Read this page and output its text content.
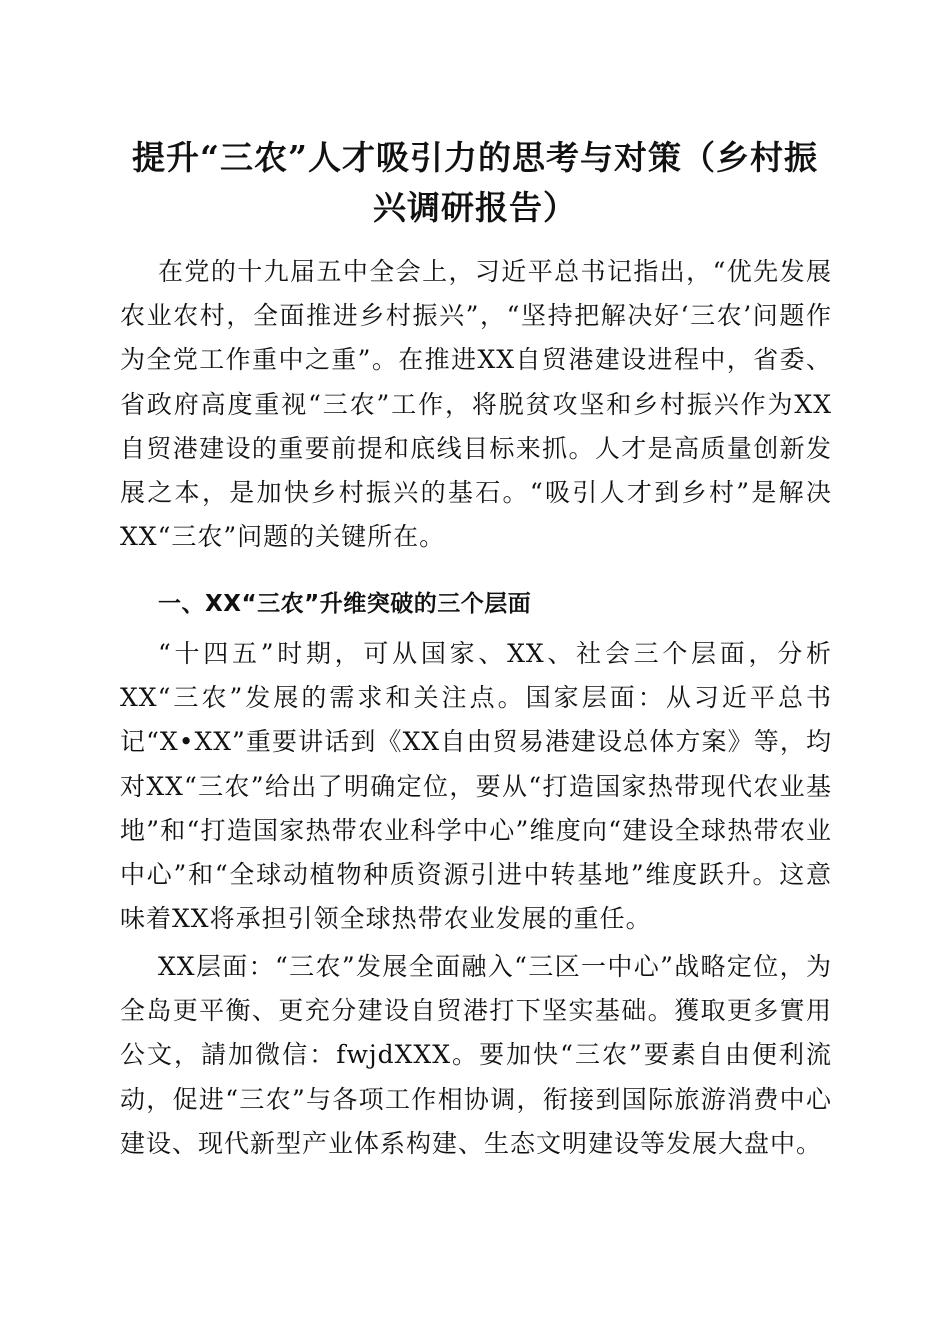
提升“三农”人才吸引力的思考与对策（乡村振兴调研报告）

在党的十九届五中全会上，习近平总书记指出，“优先发展农业农村，全面推进乡村振兴”，“坚持把解决好‘三农’问题作为全党工作重中之重”。在推进XX自贸港建设进程中，省委、省政府高度重视“三农”工作，将脱贫攻坚和乡村振兴作为XX自贸港建设的重要前提和底线目标来抓。人才是高质量创新发展之本，是加快乡村振兴的基石。“吸引人才到乡村”是解决XX“三农”问题的关键所在。

一、XX“三农”升维突破的三个层面

“十四五”时期，可从国家、XX、社会三个层面，分析XX“三农”发展的需求和关注点。国家层面：从习近平总书记“X•XX”重要讲话到《XX自由贸易港建设总体方案》等，均对XX“三农”给出了明确定位，要从“打造国家热带现代农业基地”和“打造国家热带农业科学中心”维度向“建设全球热带农业中心”和“全球动植物种质资源引进中转基地”维度跃升。这意味着XX将承担引领全球热带农业发展的重任。

XX层面：“三农”发展全面融入“三区一中心”战略定位，为全岛更平衡、更充分建设自贸港打下坚实基础。獲取更多實用公文，請加微信：fwjdXXX。要加快“三农”要素自由便利流动，促进“三农”与各项工作相协调，衔接到国际旅游消费中心建设、现代新型产业体系构建、生态文明建设等发展大盘中。
